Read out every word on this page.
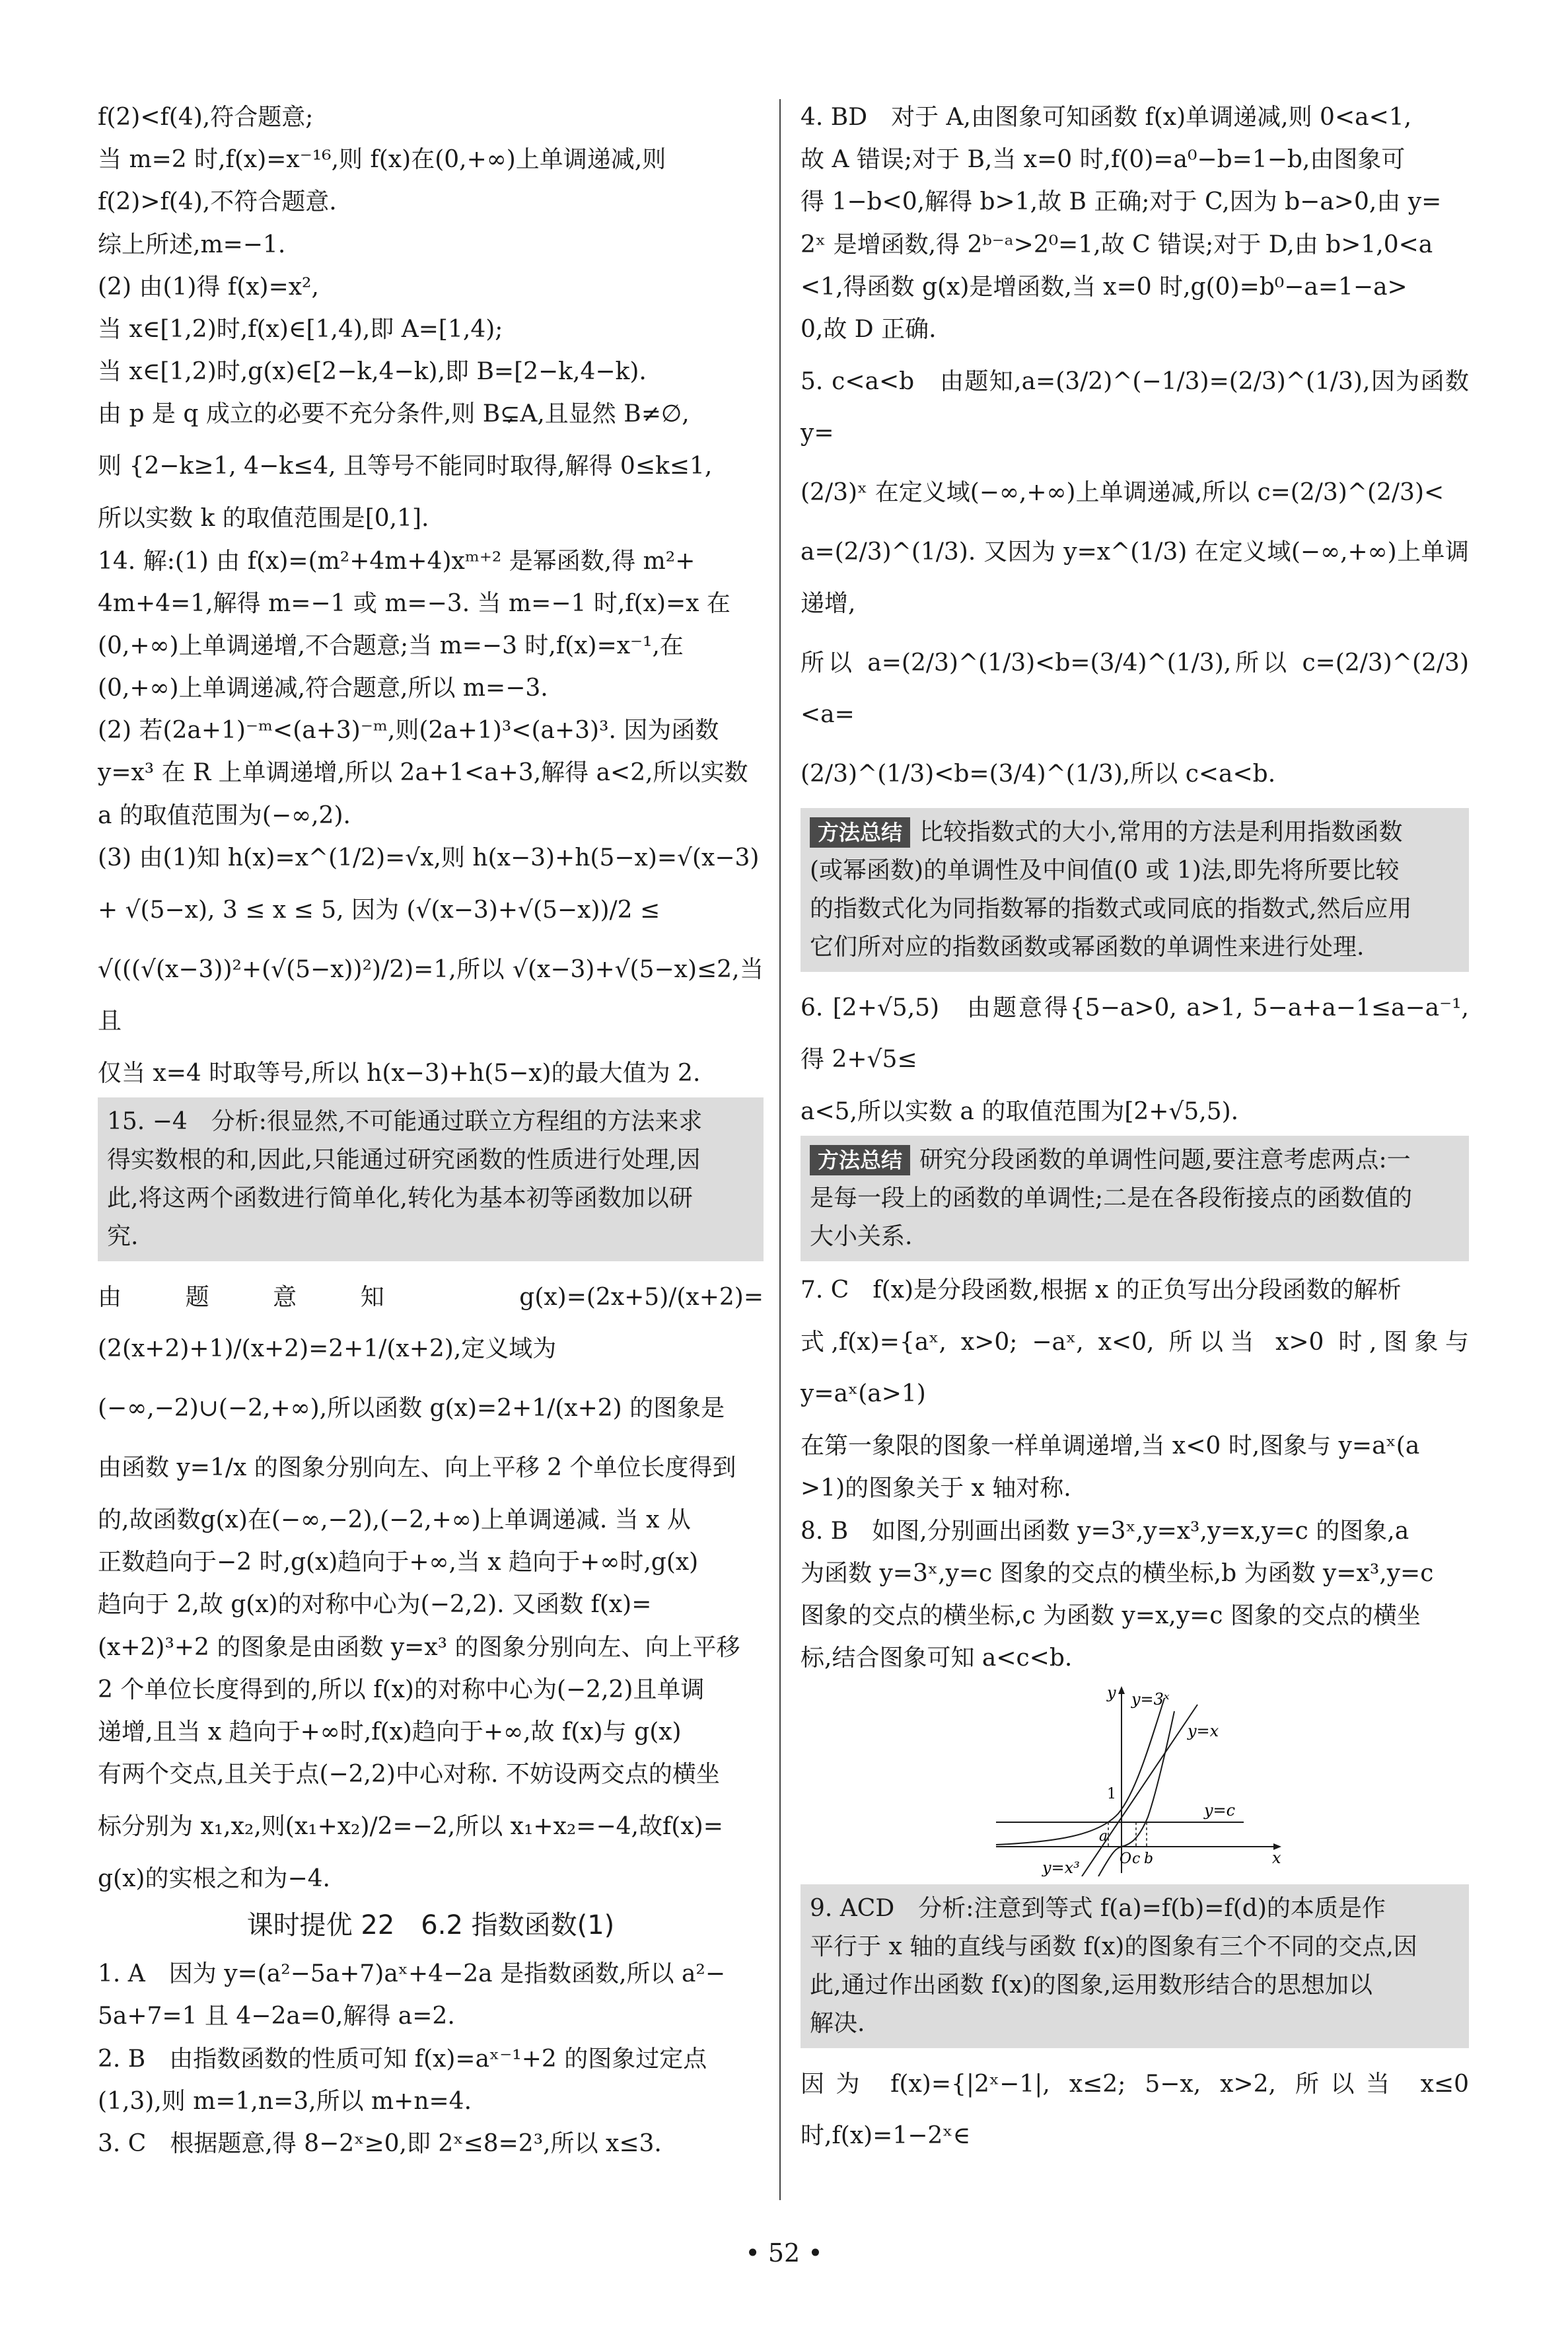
f(2)<f(4),符合题意;
当 m=2 时,f(x)=x⁻¹⁶,则 f(x)在(0,+∞)上单调递减,则
f(2)>f(4),不符合题意.
综上所述,m=−1.
(2) 由(1)得 f(x)=x²,
当 x∈[1,2)时,f(x)∈[1,4),即 A=[1,4);
当 x∈[1,2)时,g(x)∈[2−k,4−k),即 B=[2−k,4−k).
由 p 是 q 成立的必要不充分条件,则 B⊊A,且显然 B≠∅,
则 {2−k≥1, 4−k≤4, 且等号不能同时取得,解得 0≤k≤1,
所以实数 k 的取值范围是[0,1].
14. 解:(1) 由 f(x)=(m²+4m+4)xᵐ⁺² 是幂函数,得 m²+
4m+4=1,解得 m=−1 或 m=−3. 当 m=−1 时,f(x)=x 在
(0,+∞)上单调递增,不合题意;当 m=−3 时,f(x)=x⁻¹,在
(0,+∞)上单调递减,符合题意,所以 m=−3.
(2) 若(2a+1)⁻ᵐ<(a+3)⁻ᵐ,则(2a+1)³<(a+3)³. 因为函数
y=x³ 在 R 上单调递增,所以 2a+1<a+3,解得 a<2,所以实数
a 的取值范围为(−∞,2).
(3) 由(1)知 h(x)=x^(1/2)=√x,则 h(x−3)+h(5−x)=√(x−3)
+ √(5−x), 3 ≤ x ≤ 5, 因为 (√(x−3)+√(5−x))/2 ≤
√(((√(x−3))²+(√(5−x))²)/2)=1,所以 √(x−3)+√(5−x)≤2,当且
仅当 x=4 时取等号,所以 h(x−3)+h(5−x)的最大值为 2.
15. −4　分析:很显然,不可能通过联立方程组的方法来求
得实数根的和,因此,只能通过研究函数的性质进行处理,因
此,将这两个函数进行简单化,转化为基本初等函数加以研
究.
由题意知 g(x)=(2x+5)/(x+2)=(2(x+2)+1)/(x+2)=2+1/(x+2),定义域为
(−∞,−2)∪(−2,+∞),所以函数 g(x)=2+1/(x+2) 的图象是
由函数 y=1/x 的图象分别向左、向上平移 2 个单位长度得到
的,故函数g(x)在(−∞,−2),(−2,+∞)上单调递减. 当 x 从
正数趋向于−2 时,g(x)趋向于+∞,当 x 趋向于+∞时,g(x)
趋向于 2,故 g(x)的对称中心为(−2,2). 又函数 f(x)=
(x+2)³+2 的图象是由函数 y=x³ 的图象分别向左、向上平移
2 个单位长度得到的,所以 f(x)的对称中心为(−2,2)且单调
递增,且当 x 趋向于+∞时,f(x)趋向于+∞,故 f(x)与 g(x)
有两个交点,且关于点(−2,2)中心对称. 不妨设两交点的横坐
标分别为 x₁,x₂,则(x₁+x₂)/2=−2,所以 x₁+x₂=−4,故f(x)=
g(x)的实根之和为−4.
课时提优 22　6.2 指数函数(1)
1. A　因为 y=(a²−5a+7)aˣ+4−2a 是指数函数,所以 a²−
5a+7=1 且 4−2a=0,解得 a=2.
2. B　由指数函数的性质可知 f(x)=aˣ⁻¹+2 的图象过定点
(1,3),则 m=1,n=3,所以 m+n=4.
3. C　根据题意,得 8−2ˣ≥0,即 2ˣ≤8=2³,所以 x≤3.
4. BD　对于 A,由图象可知函数 f(x)单调递减,则 0<a<1,
故 A 错误;对于 B,当 x=0 时,f(0)=a⁰−b=1−b,由图象可
得 1−b<0,解得 b>1,故 B 正确;对于 C,因为 b−a>0,由 y=
2ˣ 是增函数,得 2ᵇ⁻ᵃ>2⁰=1,故 C 错误;对于 D,由 b>1,0<a
<1,得函数 g(x)是增函数,当 x=0 时,g(0)=b⁰−a=1−a>
0,故 D 正确.
5. c<a<b　由题知,a=(3/2)^(−1/3)=(2/3)^(1/3),因为函数 y=
(2/3)ˣ 在定义域(−∞,+∞)上单调递减,所以 c=(2/3)^(2/3)<
a=(2/3)^(1/3). 又因为 y=x^(1/3) 在定义域(−∞,+∞)上单调递增,
所以 a=(2/3)^(1/3)<b=(3/4)^(1/3),所以 c=(2/3)^(2/3)<a=
(2/3)^(1/3)<b=(3/4)^(1/3),所以 c<a<b.
方法总结 比较指数式的大小,常用的方法是利用指数函数
(或幂函数)的单调性及中间值(0 或 1)法,即先将所要比较
的指数式化为同指数幂的指数式或同底的指数式,然后应用
它们所对应的指数函数或幂函数的单调性来进行处理.
6. [2+√5,5)　由题意得{5−a>0, a>1, 5−a+a−1≤a−a⁻¹, 得 2+√5≤
a<5,所以实数 a 的取值范围为[2+√5,5).
方法总结 研究分段函数的单调性问题,要注意考虑两点:一
是每一段上的函数的单调性;二是在各段衔接点的函数值的
大小关系.
7. C　f(x)是分段函数,根据 x 的正负写出分段函数的解析
式,f(x)={aˣ, x>0; −aˣ, x<0, 所以当 x>0 时,图象与 y=aˣ(a>1)
在第一象限的图象一样单调递增,当 x<0 时,图象与 y=aˣ(a
>1)的图象关于 x 轴对称.
8. B　如图,分别画出函数 y=3ˣ,y=x³,y=x,y=c 的图象,a
为函数 y=3ˣ,y=c 图象的交点的横坐标,b 为函数 y=x³,y=c
图象的交点的横坐标,c 为函数 y=x,y=c 图象的交点的横坐
标,结合图象可知 a<c<b.
y
x
y=3ˣ
y=x
y=c
y=x³
1
O
a
c b
9. ACD　分析:注意到等式 f(a)=f(b)=f(d)的本质是作
平行于 x 轴的直线与函数 f(x)的图象有三个不同的交点,因
此,通过作出函数 f(x)的图象,运用数形结合的思想加以
解决.
因为 f(x)={|2ˣ−1|, x≤2; 5−x, x>2, 所以当 x≤0 时,f(x)=1−2ˣ∈
• 52 •
